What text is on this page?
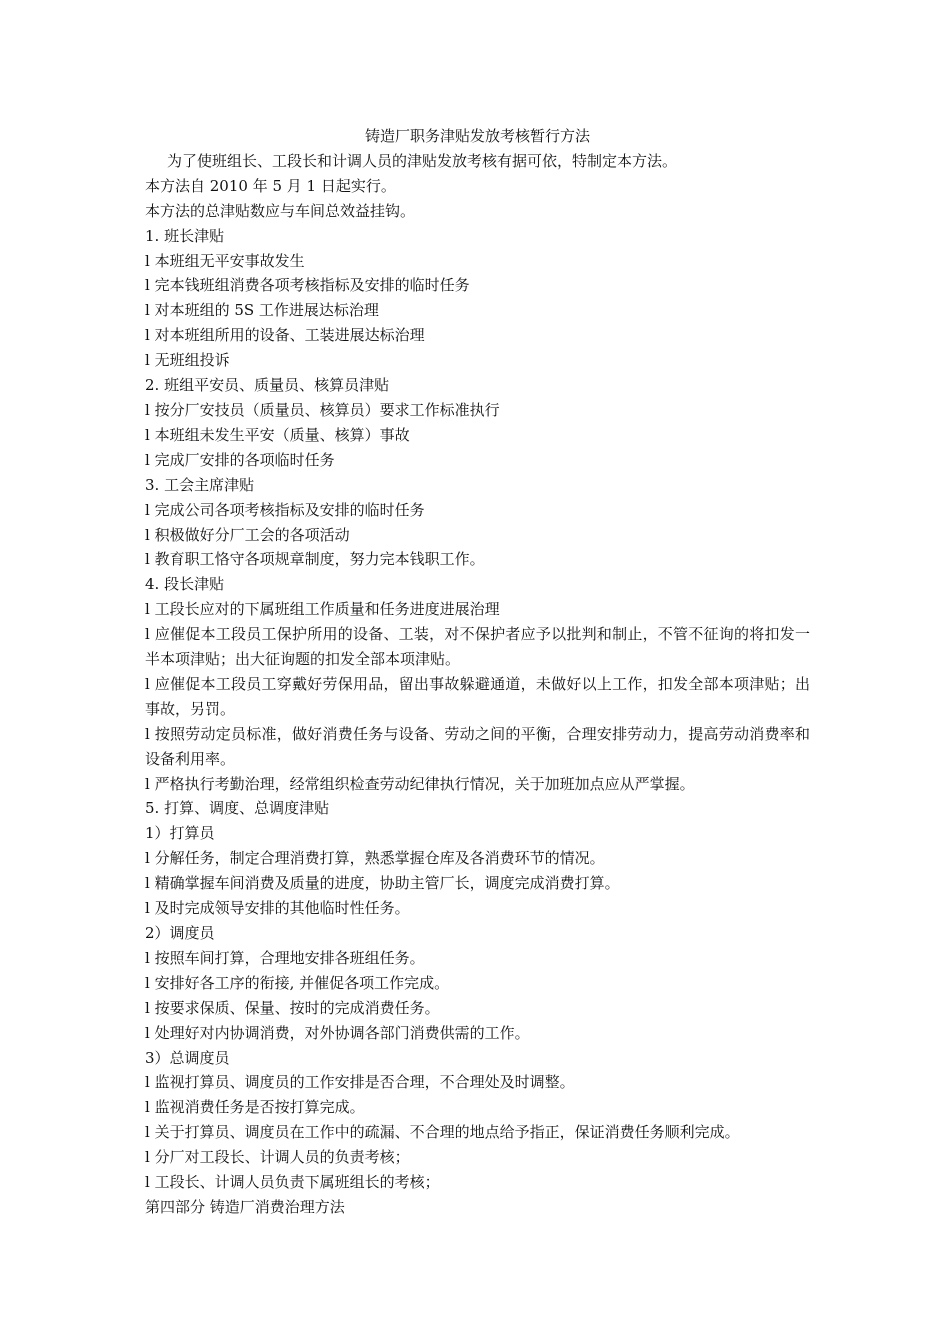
铸造厂职务津贴发放考核暂行方法

为了使班组长、工段长和计调人员的津贴发放考核有据可依，特制定本方法。

本方法自 2010 年 5 月 1 日起实行。

本方法的总津贴数应与车间总效益挂钩。

1. 班长津贴

l 本班组无平安事故发生

l 完本钱班组消费各项考核指标及安排的临时任务

l 对本班组的 5S 工作进展达标治理

l 对本班组所用的设备、工装进展达标治理

l 无班组投诉

2. 班组平安员、质量员、核算员津贴

l 按分厂安技员（质量员、核算员）要求工作标准执行

l 本班组未发生平安（质量、核算）事故

l 完成厂安排的各项临时任务

3. 工会主席津贴

l 完成公司各项考核指标及安排的临时任务

l 积极做好分厂工会的各项活动

l 教育职工恪守各项规章制度，努力完本钱职工作。

4. 段长津贴

l 工段长应对的下属班组工作质量和任务进度进展治理

l 应催促本工段员工保护所用的设备、工装，对不保护者应予以批判和制止，不管不征询的将扣发一半本项津贴；出大征询题的扣发全部本项津贴。

l 应催促本工段员工穿戴好劳保用品，留出事故躲避通道，未做好以上工作，扣发全部本项津贴；出事故，另罚。

l 按照劳动定员标准，做好消费任务与设备、劳动之间的平衡，合理安排劳动力，提高劳动消费率和设备利用率。

l 严格执行考勤治理，经常组织检查劳动纪律执行情况，关于加班加点应从严掌握。

5. 打算、调度、总调度津贴

1）打算员

l 分解任务，制定合理消费打算，熟悉掌握仓库及各消费环节的情况。

l 精确掌握车间消费及质量的进度，协助主管厂长，调度完成消费打算。

l 及时完成领导安排的其他临时性任务。

2）调度员

l 按照车间打算，合理地安排各班组任务。

l 安排好各工序的衔接, 并催促各项工作完成。

l 按要求保质、保量、按时的完成消费任务。

l 处理好对内协调消费，对外协调各部门消费供需的工作。

3）总调度员

l 监视打算员、调度员的工作安排是否合理，不合理处及时调整。

l 监视消费任务是否按打算完成。

l 关于打算员、调度员在工作中的疏漏、不合理的地点给予指正，保证消费任务顺利完成。

l 分厂对工段长、计调人员的负责考核；

l 工段长、计调人员负责下属班组长的考核；

第四部分 铸造厂消费治理方法
